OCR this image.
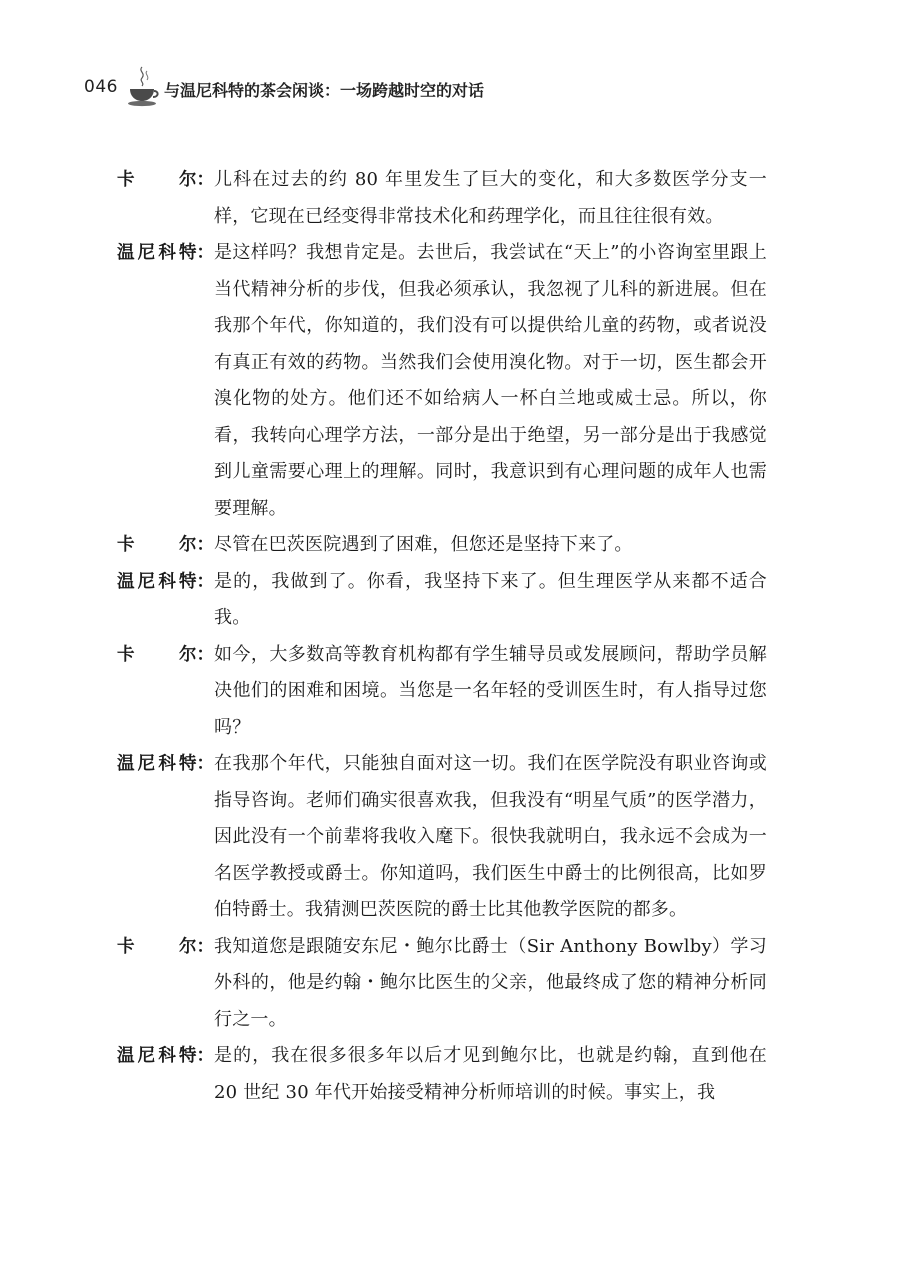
046	与温尼科特的茶会闲谈：一场跨越时空的对话
卡	尔 ： 儿科在过去的约 80 年里发生了巨大的变化，和大多数医学分支一样，它现在已经变得非常技术化和药理学化，而且往往很有效。
温 尼 科 特 ： 是这样吗？我想肯定是。去世后，我尝试在“天上”的小咨询室里跟上当代精神分析的步伐，但我必须承认，我忽视了儿科的新进展。但在我那个年代，你知道的，我们没有可以提供给儿童的药物，或者说没有真正有效的药物。当然我们会使用溴化物。对于一切，医生都会开溴化物的处方。他们还不如给病人一杯白兰地或威士忌。所以，你看，我转向心理学方法，一部分是出于绝望，另一部分是出于我感觉到儿童需要心理上的理解。同时，我意识到有心理问题的成年人也需要理解。
卡	尔 ： 尽管在巴茨医院遇到了困难，但您还是坚持下来了。
温 尼 科 特 ： 是的，我做到了。你看，我坚持下来了。但生理医学从来都不适合我。
卡	尔 ： 如今，大多数高等教育机构都有学生辅导员或发展顾问，帮助学员解决他们的困难和困境。当您是一名年轻的受训医生时，有人指导过您吗？
温 尼 科 特 ： 在我那个年代，只能独自面对这一切。我们在医学院没有职业咨询或指导咨询。老师们确实很喜欢我，但我没有“明星气质”的医学潜力，因此没有一个前辈将我收入麾下。很快我就明白，我永远不会成为一名医学教授或爵士。你知道吗，我们医生中爵士的比例很高，比如罗伯特爵士。我猜测巴茨医院的爵士比其他教学医院的都多。
卡	尔 ： 我知道您是跟随安东尼・鲍尔比爵士（Sir Anthony Bowlby）学习外科的，他是约翰・鲍尔比医生的父亲，他最终成了您的精神分析同行之一。
温 尼 科 特 ： 是的，我在很多很多年以后才见到鲍尔比，也就是约翰，直到他在 20 世纪 30 年代开始接受精神分析师培训的时候。事实上，我
